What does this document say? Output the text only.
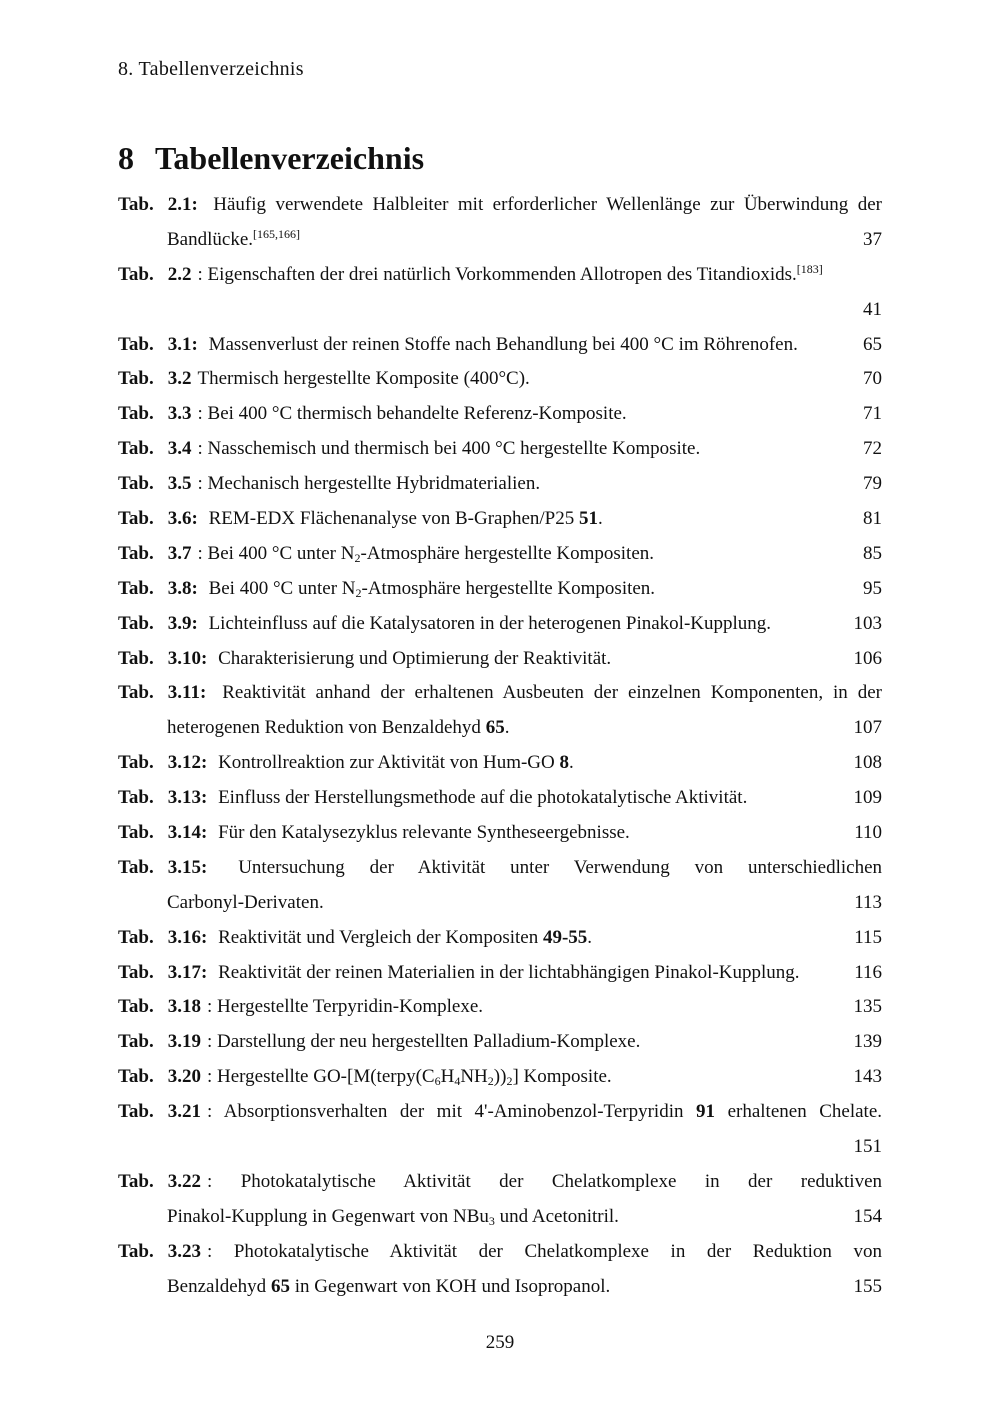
8. Tabellenverzeichnis
8 Tabellenverzeichnis
Tab. 2.1: Häufig verwendete Halbleiter mit erforderlicher Wellenlänge zur Überwindung der
Bandlücke.[165,166]	37
Tab. 2.2 : Eigenschaften der drei natürlich Vorkommenden Allotropen des Titandioxids.[183]
41
Tab. 3.1: Massenverlust der reinen Stoffe nach Behandlung bei 400 °C im Röhrenofen.	65
Tab. 3.2 Thermisch hergestellte Komposite (400°C).	70
Tab. 3.3 : Bei 400 °C thermisch behandelte Referenz-Komposite.	71
Tab. 3.4 : Nasschemisch und thermisch bei 400 °C hergestellte Komposite.	72
Tab. 3.5 : Mechanisch hergestellte Hybridmaterialien.	79
Tab. 3.6: REM-EDX Flächenanalyse von B-Graphen/P25 51.	81
Tab. 3.7 : Bei 400 °C unter $N_2$-Atmosphäre hergestellte Kompositen.	85
Tab. 3.8: Bei 400 °C unter $N_2$-Atmosphäre hergestellte Kompositen.	95
Tab. 3.9: Lichteinfluss auf die Katalysatoren in der heterogenen Pinakol-Kupplung.	103
Tab. 3.10: Charakterisierung und Optimierung der Reaktivität.	106
Tab. 3.11: Reaktivität anhand der erhaltenen Ausbeuten der einzelnen Komponenten, in der
heterogenen Reduktion von Benzaldehyd 65.	107
Tab. 3.12: Kontrollreaktion zur Aktivität von Hum-GO 8.	108
Tab. 3.13: Einfluss der Herstellungsmethode auf die photokatalytische Aktivität.	109
Tab. 3.14: Für den Katalysezyklus relevante Syntheseergebnisse.	110
Tab. 3.15: Untersuchung der Aktivität unter Verwendung von unterschiedlichen
Carbonyl-Derivaten.	113
Tab. 3.16: Reaktivität und Vergleich der Kompositen 49-55.	115
Tab. 3.17: Reaktivität der reinen Materialien in der lichtabhängigen Pinakol-Kupplung.	116
Tab. 3.18 : Hergestellte Terpyridin-Komplexe.	135
Tab. 3.19 : Darstellung der neu hergestellten Palladium-Komplexe.	139
Tab. 3.20 : Hergestellte $GO-[M(terpy(C_6H_4NH_2))_2]$ Komposite.	143
Tab. 3.21 : Absorptionsverhalten der mit 4'-Aminobenzol-Terpyridin 91 erhaltenen Chelate.
151
Tab. 3.22 : Photokatalytische Aktivität der Chelatkomplexe in der reduktiven
Pinakol-Kupplung in Gegenwart von NBu$_3$ und Acetonitril.	154
Tab. 3.23 : Photokatalytische Aktivität der Chelatkomplexe in der Reduktion von
Benzaldehyd 65 in Gegenwart von KOH und Isopropanol.	155
259
